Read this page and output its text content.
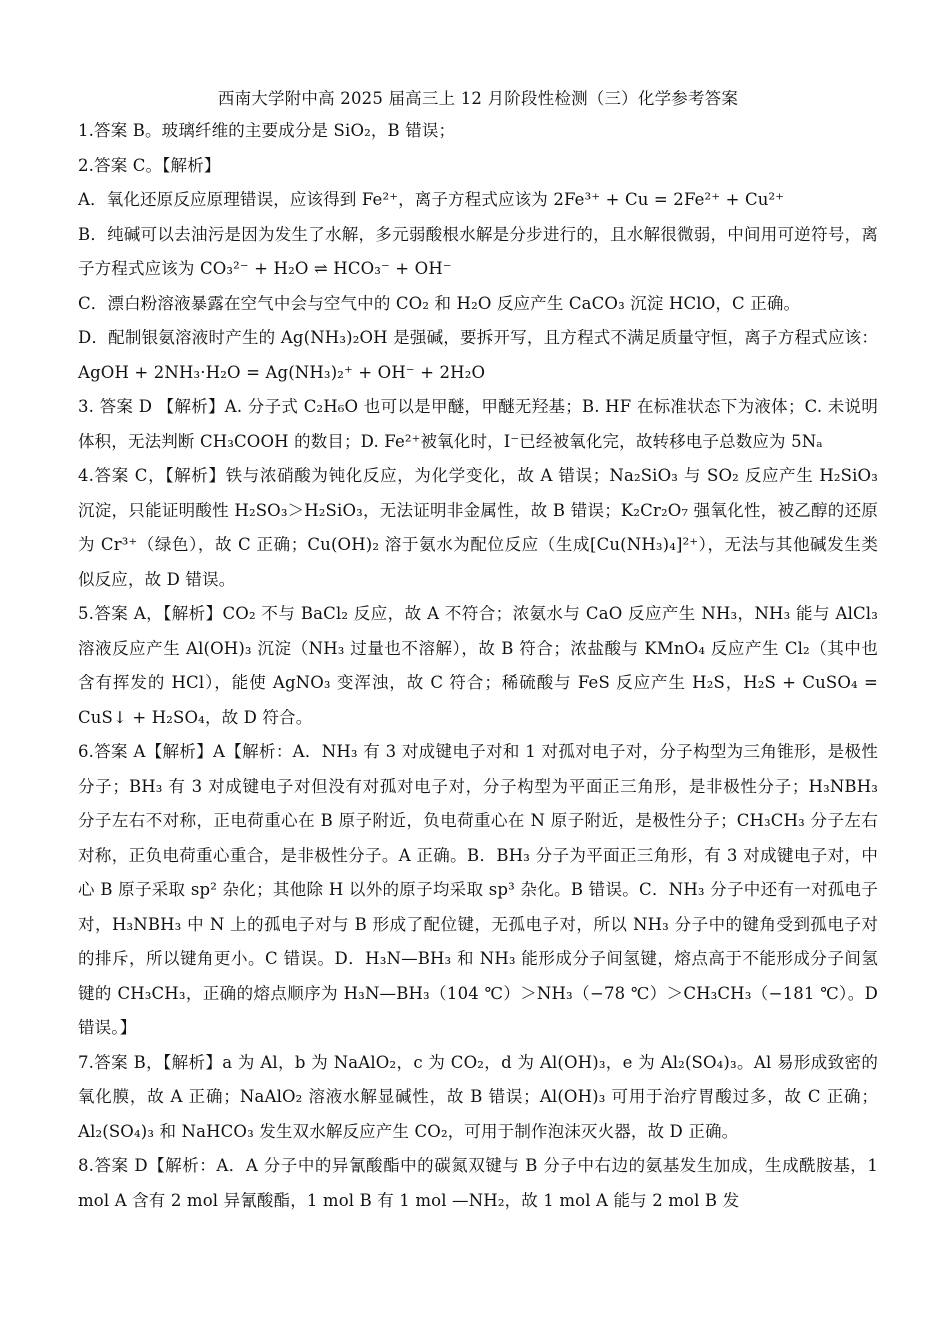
西南大学附中高 2025 届高三上 12 月阶段性检测（三）化学参考答案

1.答案 B。玻璃纤维的主要成分是 SiO₂，B 错误；

2.答案 C。【解析】

A．氧化还原反应原理错误，应该得到 Fe²⁺，离子方程式应该为 2Fe³⁺ + Cu = 2Fe²⁺ + Cu²⁺

B．纯碱可以去油污是因为发生了水解，多元弱酸根水解是分步进行的，且水解很微弱，中间用可逆符号，离子方程式应该为 CO₃²⁻ + H₂O ⇌ HCO₃⁻ + OH⁻

C．漂白粉溶液暴露在空气中会与空气中的 CO₂ 和 H₂O 反应产生 CaCO₃ 沉淀 HClO，C 正确。

D．配制银氨溶液时产生的 Ag(NH₃)₂OH 是强碱，要拆开写，且方程式不满足质量守恒，离子方程式应该：AgOH + 2NH₃·H₂O = Ag(NH₃)₂⁺ + OH⁻ + 2H₂O

3. 答案 D 【解析】A. 分子式 C₂H₆O 也可以是甲醚，甲醚无羟基；B. HF 在标准状态下为液体；C. 未说明体积，无法判断 CH₃COOH 的数目；D. Fe²⁺被氧化时，I⁻已经被氧化完，故转移电子总数应为 5Nₐ

4.答案 C，【解析】铁与浓硝酸为钝化反应，为化学变化，故 A 错误；Na₂SiO₃ 与 SO₂ 反应产生 H₂SiO₃ 沉淀，只能证明酸性 H₂SO₃＞H₂SiO₃，无法证明非金属性，故 B 错误；K₂Cr₂O₇ 强氧化性，被乙醇的还原为 Cr³⁺（绿色），故 C 正确；Cu(OH)₂ 溶于氨水为配位反应（生成[Cu(NH₃)₄]²⁺），无法与其他碱发生类似反应，故 D 错误。

5.答案 A，【解析】CO₂ 不与 BaCl₂ 反应，故 A 不符合；浓氨水与 CaO 反应产生 NH₃，NH₃ 能与 AlCl₃ 溶液反应产生 Al(OH)₃ 沉淀（NH₃ 过量也不溶解），故 B 符合；浓盐酸与 KMnO₄ 反应产生 Cl₂（其中也含有挥发的 HCl），能使 AgNO₃ 变浑浊，故 C 符合；稀硫酸与 FeS 反应产生 H₂S，H₂S + CuSO₄ = CuS↓ + H₂SO₄，故 D 符合。

6.答案 A【解析】A【解析：A．NH₃ 有 3 对成键电子对和 1 对孤对电子对，分子构型为三角锥形，是极性分子；BH₃ 有 3 对成键电子对但没有对孤对电子对，分子构型为平面正三角形，是非极性分子；H₃NBH₃ 分子左右不对称，正电荷重心在 B 原子附近，负电荷重心在 N 原子附近，是极性分子；CH₃CH₃ 分子左右对称，正负电荷重心重合，是非极性分子。A 正确。B．BH₃ 分子为平面正三角形，有 3 对成键电子对，中心 B 原子采取 sp² 杂化；其他除 H 以外的原子均采取 sp³ 杂化。B 错误。C．NH₃ 分子中还有一对孤电子对，H₃NBH₃ 中 N 上的孤电子对与 B 形成了配位键，无孤电子对，所以 NH₃ 分子中的键角受到孤电子对的排斥，所以键角更小。C 错误。D．H₃N—BH₃ 和 NH₃ 能形成分子间氢键，熔点高于不能形成分子间氢键的 CH₃CH₃，正确的熔点顺序为 H₃N—BH₃（104 ℃）＞NH₃（−78 ℃）＞CH₃CH₃（−181 ℃）。D 错误。】

7.答案 B，【解析】a 为 Al，b 为 NaAlO₂，c 为 CO₂，d 为 Al(OH)₃，e 为 Al₂(SO₄)₃。Al 易形成致密的氧化膜，故 A 正确；NaAlO₂ 溶液水解显碱性，故 B 错误；Al(OH)₃ 可用于治疗胃酸过多，故 C 正确；Al₂(SO₄)₃ 和 NaHCO₃ 发生双水解反应产生 CO₂，可用于制作泡沫灭火器，故 D 正确。

8.答案 D【解析：A．A 分子中的异氰酸酯中的碳氮双键与 B 分子中右边的氨基发生加成，生成酰胺基，1 mol A 含有 2 mol 异氰酸酯，1 mol B 有 1 mol —NH₂，故 1 mol A 能与 2 mol B 发
